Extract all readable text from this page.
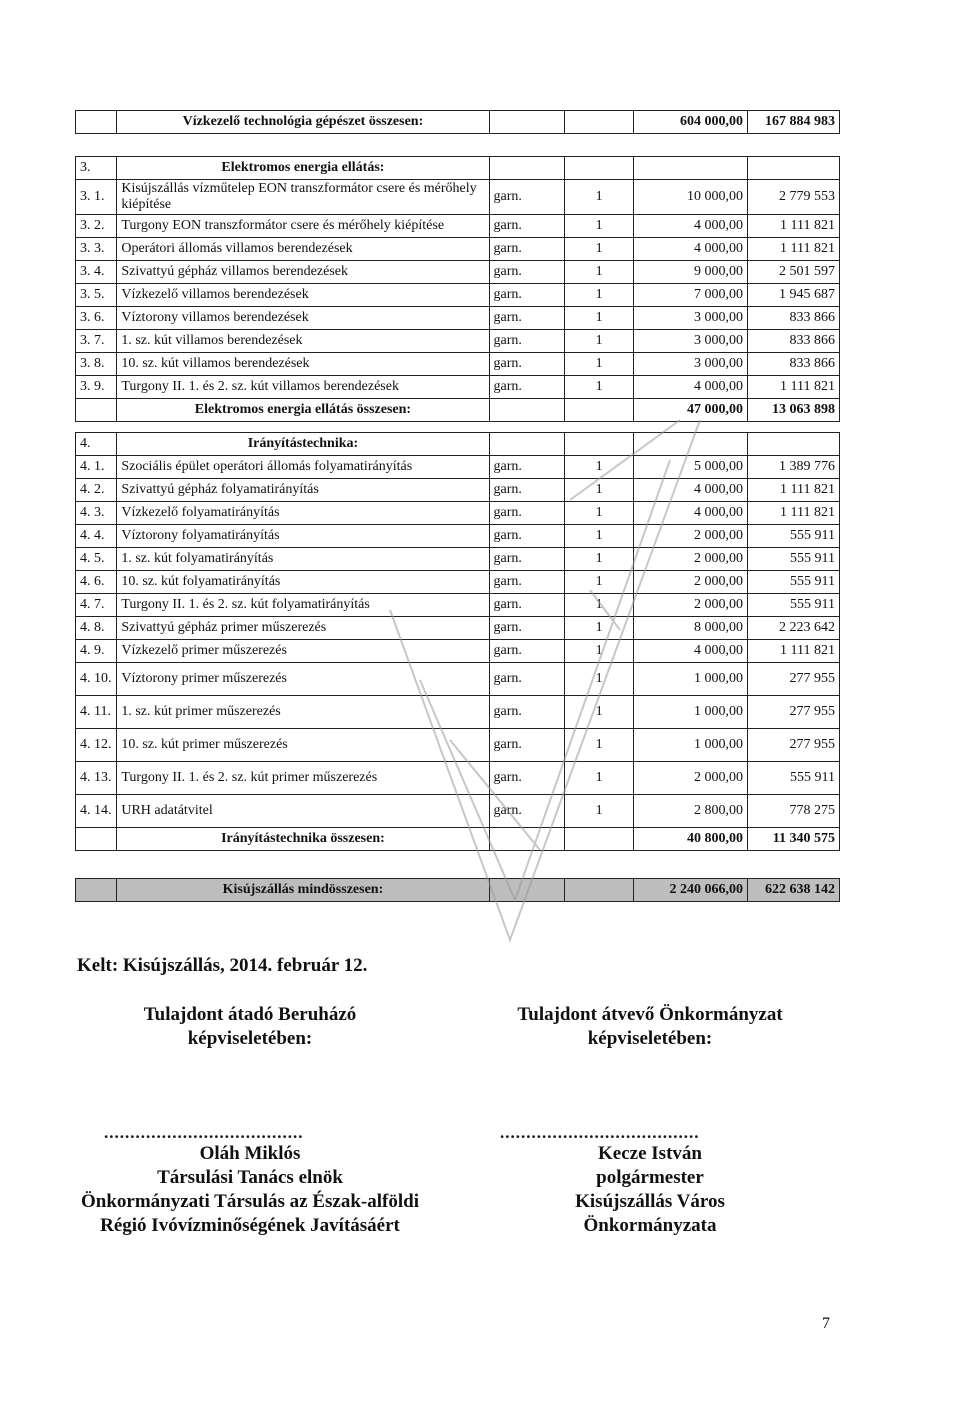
	Vízkezelő technológia gépészet összesen:			604 000,00	167 884 983
3.	Elektromos energia ellátás:				
3. 1.	Kisújszállás vízműtelep EON transzformátor csere és mérőhely kiépítése	garn.	1	10 000,00	2 779 553
3. 2.	Turgony EON transzformátor csere és mérőhely kiépítése	garn.	1	4 000,00	1 111 821
3. 3.	Operátori állomás villamos berendezések	garn.	1	4 000,00	1 111 821
3. 4.	Szivattyú gépház villamos berendezések	garn.	1	9 000,00	2 501 597
3. 5.	Vízkezelő villamos berendezések	garn.	1	7 000,00	1 945 687
3. 6.	Víztorony villamos berendezések	garn.	1	3 000,00	833 866
3. 7.	1. sz. kút villamos berendezések	garn.	1	3 000,00	833 866
3. 8.	10. sz. kút villamos berendezések	garn.	1	3 000,00	833 866
3. 9.	Turgony II. 1. és 2. sz. kút villamos berendezések	garn.	1	4 000,00	1 111 821
	Elektromos energia ellátás összesen:			47 000,00	13 063 898
4.	Irányítástechnika:				
4. 1.	Szociális épület operátori állomás folyamatirányítás	garn.	1	5 000,00	1 389 776
4. 2.	Szivattyú gépház folyamatirányítás	garn.	1	4 000,00	1 111 821
4. 3.	Vízkezelő folyamatirányítás	garn.	1	4 000,00	1 111 821
4. 4.	Víztorony folyamatirányítás	garn.	1	2 000,00	555 911
4. 5.	1. sz. kút folyamatirányítás	garn.	1	2 000,00	555 911
4. 6.	10. sz. kút folyamatirányítás	garn.	1	2 000,00	555 911
4. 7.	Turgony II. 1. és 2. sz. kút folyamatirányítás	garn.	1	2 000,00	555 911
4. 8.	Szivattyú gépház primer műszerezés	garn.	1	8 000,00	2 223 642
4. 9.	Vízkezelő primer műszerezés	garn.	1	4 000,00	1 111 821
4. 10.	Víztorony primer műszerezés	garn.	1	1 000,00	277 955
4. 11.	1. sz. kút primer műszerezés	garn.	1	1 000,00	277 955
4. 12.	10. sz. kút primer műszerezés	garn.	1	1 000,00	277 955
4. 13.	Turgony II. 1. és 2. sz. kút primer műszerezés	garn.	1	2 000,00	555 911
4. 14.	URH adatátvitel	garn.	1	2 800,00	778 275
	Irányítástechnika összesen:			40 800,00	11 340 575
	Kisújszállás mindösszesen:			2 240 066,00	622 638 142
Kelt: Kisújszállás, 2014. február 12.
Tulajdont átadó Beruházó
képviseletében:
Tulajdont átvevő Önkormányzat
képviseletében:
......................................	......................................
Oláh Miklós
Társulási Tanács elnök
Önkormányzati Társulás az Észak-alföldi
Régió Ivóvízminőségének Javításáért
Kecze István
polgármester
Kisújszállás Város
Önkormányzata
7
